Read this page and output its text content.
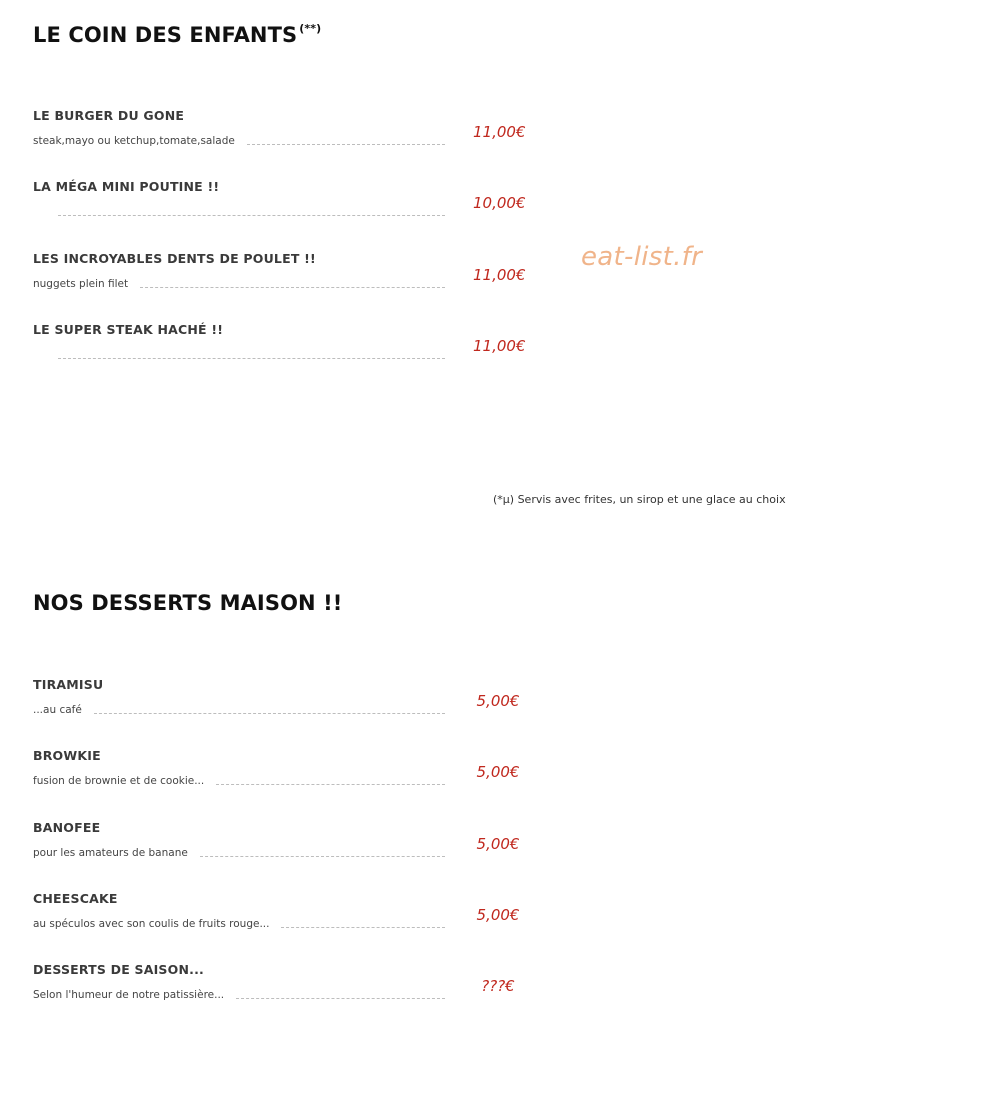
LE COIN DES ENFANTS (**)
LE BURGER DU GONE
steak,mayo ou ketchup,tomate,salade	11,00€
LA MÉGA MINI POUTINE !!
10,00€
LES INCROYABLES DENTS DE POULET !!
nuggets plein filet	11,00€
LE SUPER STEAK HACHÉ !!
11,00€
eat-list.fr
(*µ) Servis avec frites, un sirop et une glace au choix
NOS DESSERTS MAISON !!
TIRAMISU
...au café	5,00€
BROWKIE
fusion de brownie et de cookie...	5,00€
BANOFEE
pour les amateurs de banane	5,00€
CHEESCAKE
au spéculos avec son coulis de fruits rouge...	5,00€
DESSERTS DE SAISON...
Selon l'humeur de notre patissière...	???€
